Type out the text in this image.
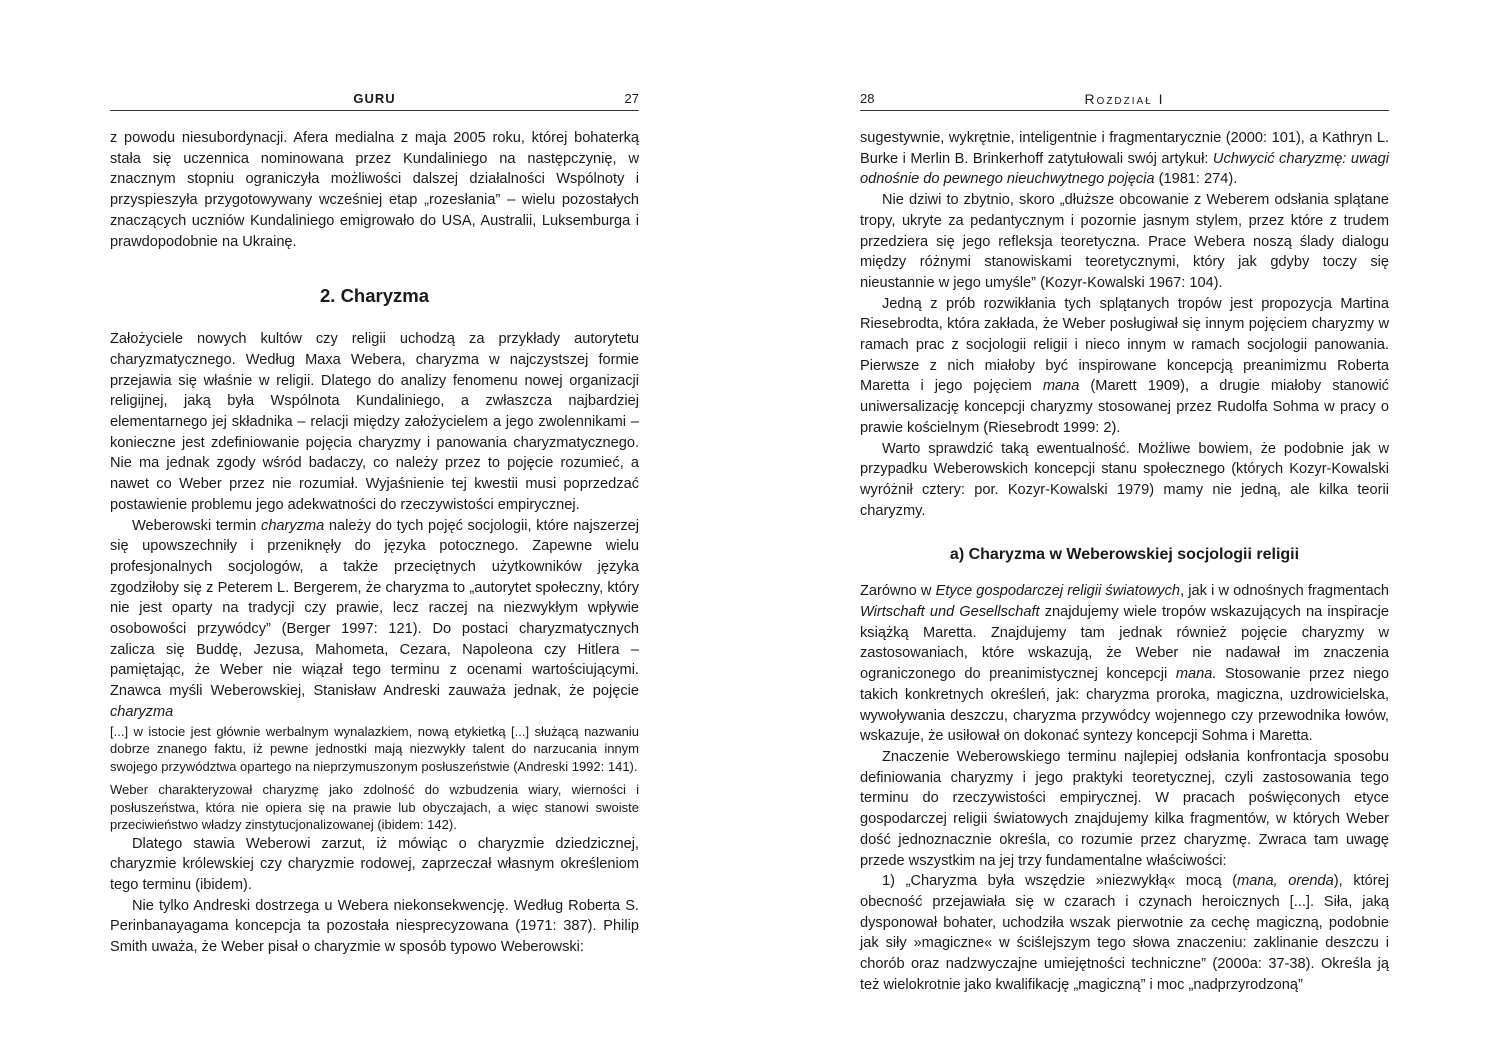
GURU	27

z powodu niesubordynacji. Afera medialna z maja 2005 roku, której bohaterką stała się uczennica nominowana przez Kundaliniego na następczynię, w znacznym stopniu ograniczyła możliwości dalszej działalności Wspólnoty i przyspieszyła przygotowywany wcześniej etap „rozesłania” – wielu pozostałych znaczących uczniów Kundaliniego emigrowało do USA, Australii, Luksemburga i prawdopodobnie na Ukrainę.

2. Charyzma

Założyciele nowych kultów czy religii uchodzą za przykłady autorytetu charyzmatycznego. Według Maxa Webera, charyzma w najczystszej formie przejawia się właśnie w religii. Dlatego do analizy fenomenu nowej organizacji religijnej, jaką była Wspólnota Kundaliniego, a zwłaszcza najbardziej elementarnego jej składnika – relacji między założycielem a jego zwolennikami – konieczne jest zdefiniowanie pojęcia charyzmy i panowania charyzmatycznego. Nie ma jednak zgody wśród badaczy, co należy przez to pojęcie rozumieć, a nawet co Weber przez nie rozumiał. Wyjaśnienie tej kwestii musi poprzedzać postawienie problemu jego adekwatności do rzeczywistości empirycznej.

Weberowski termin charyzma należy do tych pojęć socjologii, które najszerzej się upowszechniły i przeniknęły do języka potocznego. Zapewne wielu profesjonalnych socjologów, a także przeciętnych użytkowników języka zgodziłoby się z Peterem L. Bergerem, że charyzma to „autorytet społeczny, który nie jest oparty na tradycji czy prawie, lecz raczej na niezwykłym wpływie osobowości przywódcy” (Berger 1997: 121). Do postaci charyzmatycznych zalicza się Buddę, Jezusa, Mahometa, Cezara, Napoleona czy Hitlera – pamiętając, że Weber nie wiązał tego terminu z ocenami wartościującymi. Znawca myśli Weberowskiej, Stanisław Andreski zauważa jednak, że pojęcie charyzma

[...] w istocie jest głównie werbalnym wynalazkiem, nową etykietką [...] służącą nazwaniu dobrze znanego faktu, iż pewne jednostki mają niezwykły talent do narzucania innym swojego przywództwa opartego na nieprzymuszonym posłuszeństwie (Andreski 1992: 141).

Weber charakteryzował charyzmę jako zdolność do wzbudzenia wiary, wierności i posłuszeństwa, która nie opiera się na prawie lub obyczajach, a więc stanowi swoiste przeciwieństwo władzy zinstytucjonalizowanej (ibidem: 142).

Dlatego stawia Weberowi zarzut, iż mówiąc o charyzmie dziedzicznej, charyzmie królewskiej czy charyzmie rodowej, zaprzeczał własnym określeniom tego terminu (ibidem).

Nie tylko Andreski dostrzega u Webera niekonsekwencję. Według Roberta S. Perinbanayagama koncepcja ta pozostała niesprecyzowana (1971: 387). Philip Smith uważa, że Weber pisał o charyzmie w sposób typowo Weberowski:

28	Rozdział I

sugestywnie, wykrętnie, inteligentnie i fragmentarycznie (2000: 101), a Kathryn L. Burke i Merlin B. Brinkerhoff zatytułowali swój artykuł: Uchwycić charyzmę: uwagi odnośnie do pewnego nieuchwytnego pojęcia (1981: 274).

Nie dziwi to zbytnio, skoro „dłuższe obcowanie z Weberem odsłania splątane tropy, ukryte za pedantycznym i pozornie jasnym stylem, przez które z trudem przedziera się jego refleksja teoretyczna. Prace Webera noszą ślady dialogu między różnymi stanowiskami teoretycznymi, który jak gdyby toczy się nieustannie w jego umyśle” (Kozyr-Kowalski 1967: 104).

Jedną z prób rozwikłania tych splątanych tropów jest propozycja Martina Riesebrodta, która zakłada, że Weber posługiwał się innym pojęciem charyzmy w ramach prac z socjologii religii i nieco innym w ramach socjologii panowania. Pierwsze z nich miałoby być inspirowane koncepcją preanimizmu Roberta Maretta i jego pojęciem mana (Marett 1909), a drugie miałoby stanowić uniwersalizację koncepcji charyzmy stosowanej przez Rudolfa Sohma w pracy o prawie kościelnym (Riesebrodt 1999: 2).

Warto sprawdzić taką ewentualność. Możliwe bowiem, że podobnie jak w przypadku Weberowskich koncepcji stanu społecznego (których Kozyr-Kowalski wyróżnił cztery: por. Kozyr-Kowalski 1979) mamy nie jedną, ale kilka teorii charyzmy.

a) Charyzma w Weberowskiej socjologii religii

Zarówno w Etyce gospodarczej religii światowych, jak i w odnośnych fragmentach Wirtschaft und Gesellschaft znajdujemy wiele tropów wskazujących na inspiracje książką Maretta. Znajdujemy tam jednak również pojęcie charyzmy w zastosowaniach, które wskazują, że Weber nie nadawał im znaczenia ograniczonego do preanimistycznej koncepcji mana. Stosowanie przez niego takich konkretnych określeń, jak: charyzma proroka, magiczna, uzdrowicielska, wywoływania deszczu, charyzma przywódcy wojennego czy przewodnika łowów, wskazuje, że usiłował on dokonać syntezy koncepcji Sohma i Maretta.

Znaczenie Weberowskiego terminu najlepiej odsłania konfrontacja sposobu definiowania charyzmy i jego praktyki teoretycznej, czyli zastosowania tego terminu do rzeczywistości empirycznej. W pracach poświęconych etyce gospodarczej religii światowych znajdujemy kilka fragmentów, w których Weber dość jednoznacznie określa, co rozumie przez charyzmę. Zwraca tam uwagę przede wszystkim na jej trzy fundamentalne właściwości:

1) „Charyzma była wszędzie »niezwykłą« mocą (mana, orenda), której obecność przejawiała się w czarach i czynach heroicznych [...]. Siła, jaką dysponował bohater, uchodziła wszak pierwotnie za cechę magiczną, podobnie jak siły »magiczne« w ściślejszym tego słowa znaczeniu: zaklinanie deszczu i chorób oraz nadzwyczajne umiejętności techniczne” (2000a: 37-38). Określa ją też wielokrotnie jako kwalifikację „magiczną” i moc „nadprzyrodzoną”
